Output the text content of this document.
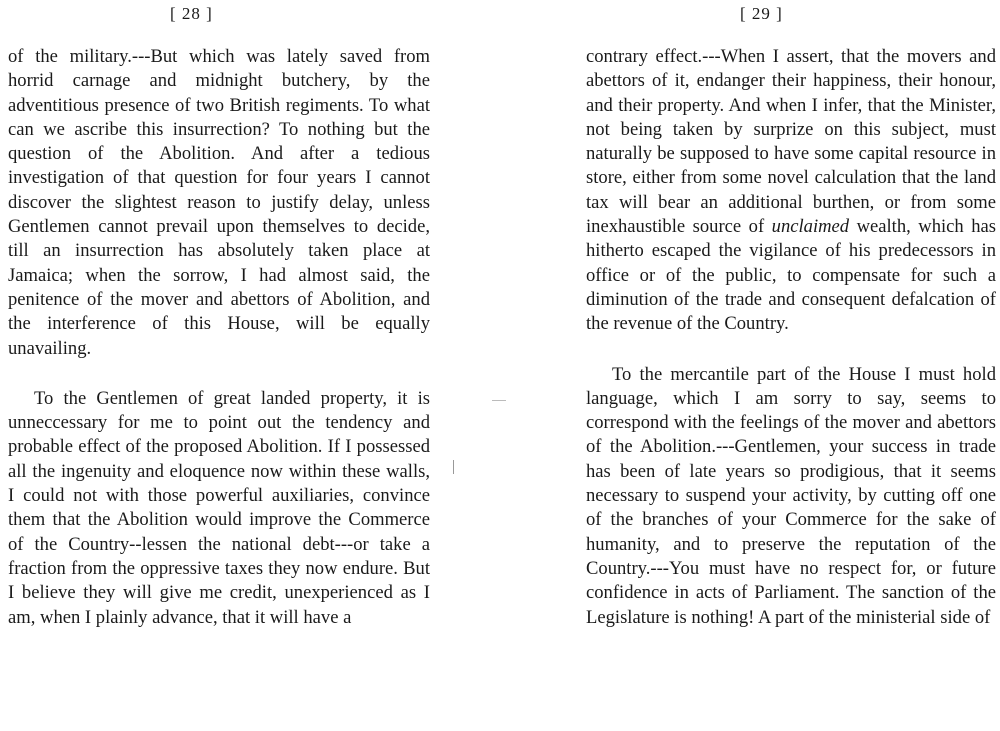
[ 28 ]

of the military.---But which was lately saved from horrid carnage and midnight butchery, by the adventitious presence of two British regiments. To what can we ascribe this insurrection? To nothing but the question of the Abolition. And after a tedious investigation of that question for four years I cannot discover the slightest reason to justify delay, unless Gentlemen cannot prevail upon themselves to decide, till an insurrection has absolutely taken place at Jamaica; when the sorrow, I had almost said, the penitence of the mover and abettors of Abolition, and the interference of this House, will be equally unavailing.

To the Gentlemen of great landed property, it is unneccessary for me to point out the tendency and probable effect of the proposed Abolition. If I possessed all the ingenuity and eloquence now within these walls, I could not with those powerful auxiliaries, convince them that the Abolition would improve the Commerce of the Country--lessen the national debt---or take a fraction from the oppressive taxes they now endure. But I believe they will give me credit, unexperienced as I am, when I plainly advance, that it will have a

[ 29 ]

contrary effect.---When I assert, that the movers and abettors of it, endanger their happiness, their honour, and their property. And when I infer, that the Minister, not being taken by surprize on this subject, must naturally be supposed to have some capital resource in store, either from some novel calculation that the land tax will bear an additional burthen, or from some inexhaustible source of unclaimed wealth, which has hitherto escaped the vigilance of his predecessors in office or of the public, to compensate for such a diminution of the trade and consequent defalcation of the revenue of the Country.

To the mercantile part of the House I must hold language, which I am sorry to say, seems to correspond with the feelings of the mover and abettors of the Abolition.---Gentlemen, your success in trade has been of late years so prodigious, that it seems necessary to suspend your activity, by cutting off one of the branches of your Commerce for the sake of humanity, and to preserve the reputation of the Country.---You must have no respect for, or future confidence in acts of Parliament. The sanction of the Legislature is nothing! A part of the ministerial side of
